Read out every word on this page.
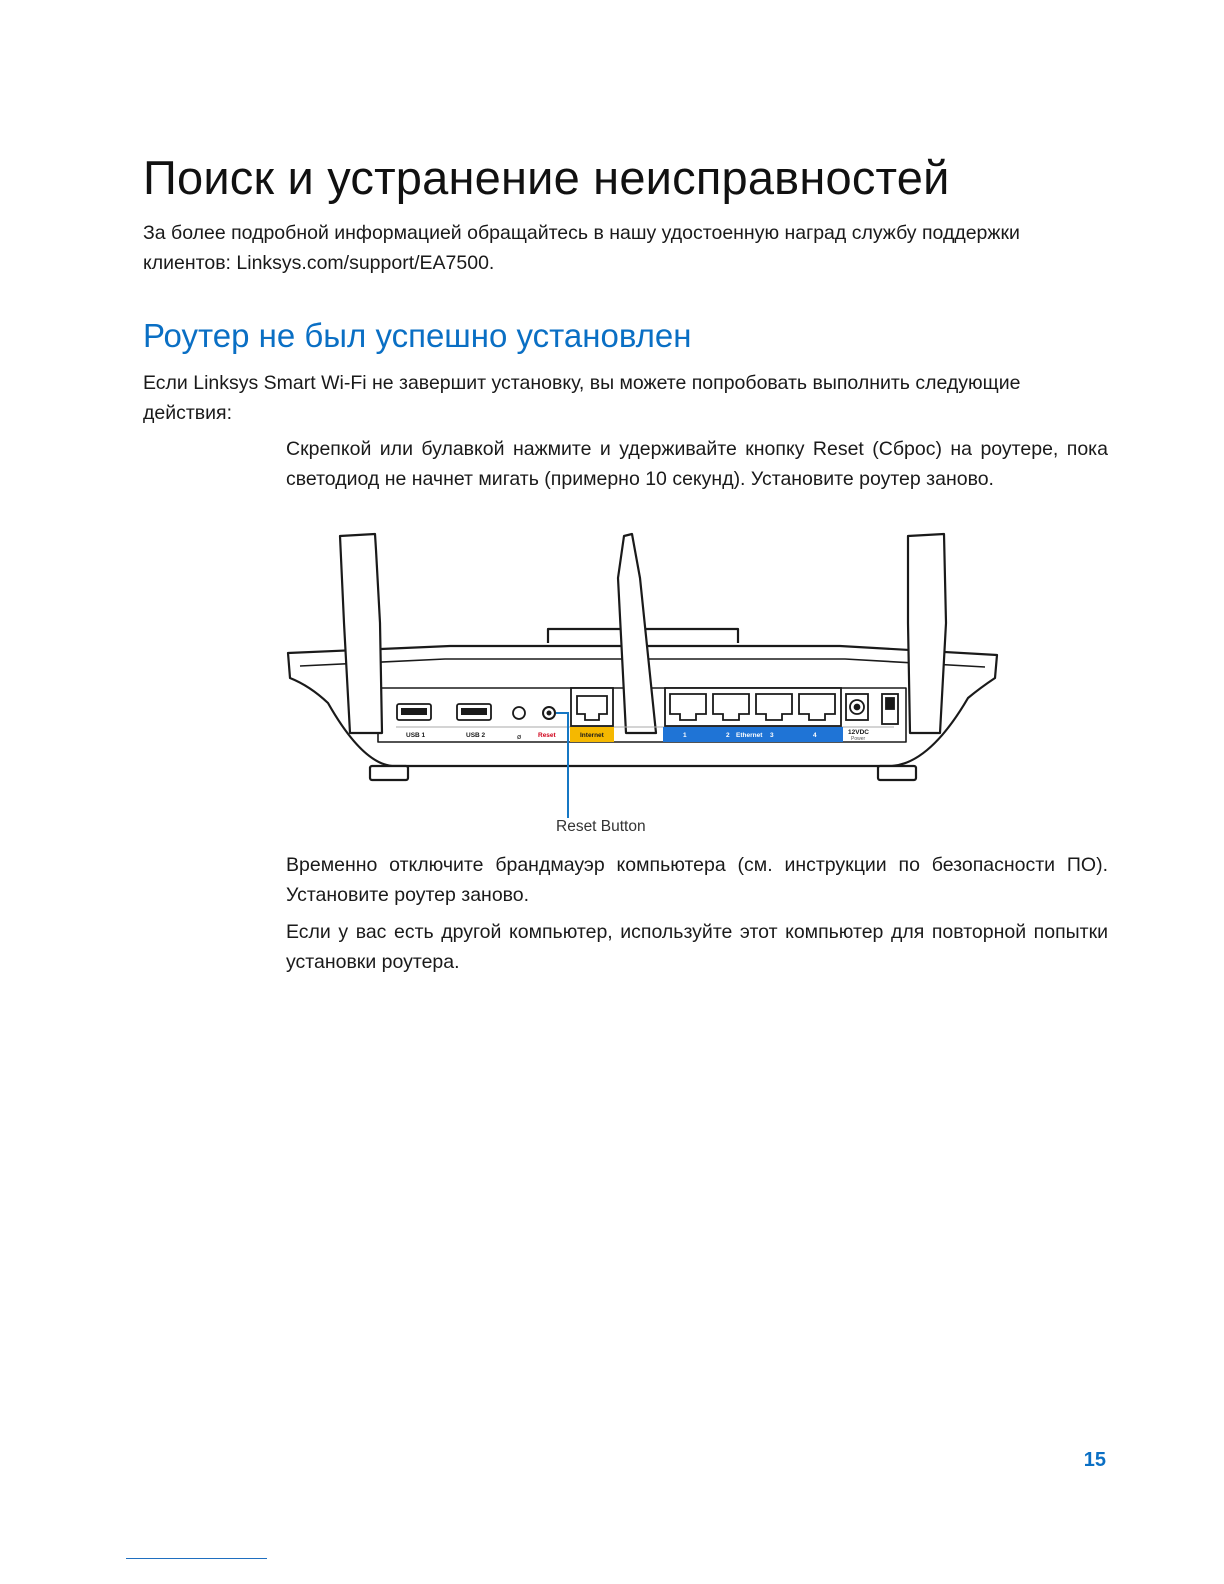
Поиск и устранение неисправностей

За более подробной информацией обращайтесь в нашу удостоенную наград службу поддержки клиентов: Linksys.com/support/EA7500.

Роутер не был успешно установлен

Если Linksys Smart Wi-Fi не завершит установку, вы можете попробовать выполнить следующие действия:

Скрепкой или булавкой нажмите и удерживайте кнопку Reset (Сброс) на роутере, пока светодиод не начнет мигать (примерно 10 секунд). Установите роутер заново.

USB 1	USB 2	Reset	Internet	1	2 Ethernet 3	4	12VDC
Power
ø
Reset Button

Временно отключите брандмауэр компьютера (см. инструкции по безопасности ПО). Установите роутер заново.

Если у вас есть другой компьютер, используйте этот компьютер для повторной попытки установки роутера.

15
